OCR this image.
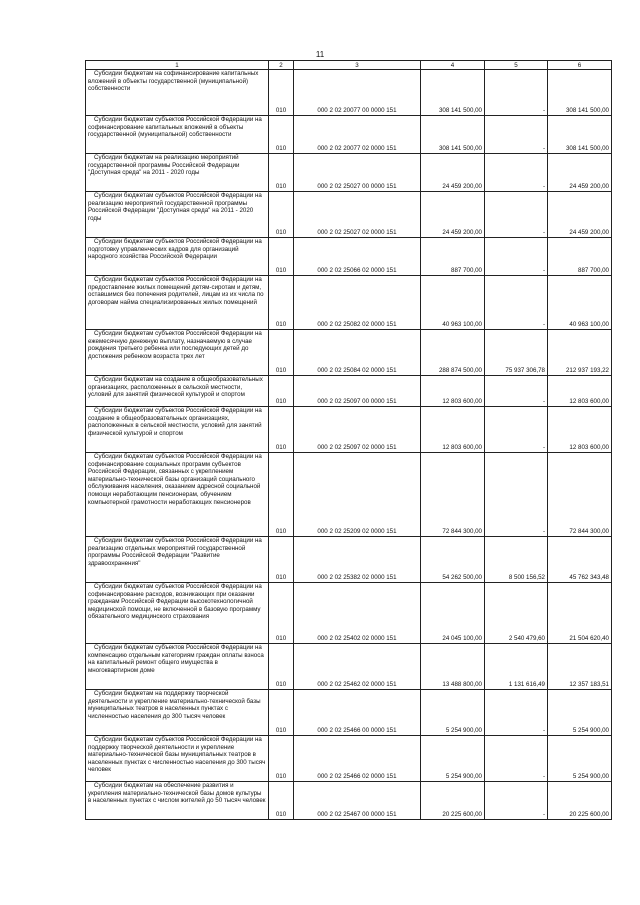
11
1	2	3	4	5	6
Субсидии бюджетам на софинансирование капитальных вложений в объекты государственной (муниципальной) собственности	010	000 2 02 20077 00 0000 151	308 141 500,00	-	308 141 500,00
Субсидии бюджетам субъектов Российской Федерации на софинансирование капитальных вложений в объекты государственной (муниципальной) собственности	010	000 2 02 20077 02 0000 151	308 141 500,00	-	308 141 500,00
Субсидии бюджетам на реализацию мероприятий государственной программы Российской Федерации "Доступная среда" на 2011 - 2020 годы	010	000 2 02 25027 00 0000 151	24 459 200,00	-	24 459 200,00
Субсидии бюджетам субъектов Российской Федерации на реализацию мероприятий государственной программы Российской Федерации "Доступная среда" на 2011 - 2020 годы	010	000 2 02 25027 02 0000 151	24 459 200,00	-	24 459 200,00
Субсидии бюджетам субъектов Российской Федерации на подготовку управленческих кадров для организаций народного хозяйства Российской Федерации	010	000 2 02 25066 02 0000 151	887 700,00	-	887 700,00
Субсидии бюджетам субъектов Российской Федерации на предоставление жилых помещений детям-сиротам и детям, оставшимся без попечения родителей, лицам из их числа по договорам найма специализированных жилых помещений	010	000 2 02 25082 02 0000 151	40 963 100,00	-	40 963 100,00
Субсидии бюджетам субъектов Российской Федерации на ежемесячную денежную выплату, назначаемую в случае рождения третьего ребенка или последующих детей до достижения ребенком возраста трех лет	010	000 2 02 25084 02 0000 151	288 874 500,00	75 937 306,78	212 937 193,22
Субсидии бюджетам на создание в общеобразовательных организациях, расположенных в сельской местности, условий для занятий физической культурой и спортом	010	000 2 02 25097 00 0000 151	12 803 600,00	-	12 803 600,00
Субсидии бюджетам субъектов Российской Федерации на создание в общеобразовательных организациях, расположенных в сельской местности, условий для занятий физической культурой и спортом	010	000 2 02 25097 02 0000 151	12 803 600,00	-	12 803 600,00
Субсидии бюджетам субъектов Российской Федерации на софинансирование социальных программ субъектов Российской Федерации, связанных с укреплением материально-технической базы организаций социального обслуживания населения, оказанием адресной социальной помощи неработающим пенсионерам, обучением компьютерной грамотности неработающих пенсионеров	010	000 2 02 25209 02 0000 151	72 844 300,00	-	72 844 300,00
Субсидии бюджетам субъектов Российской Федерации на реализацию отдельных мероприятий государственной программы Российской Федерации "Развитие здравоохранения"	010	000 2 02 25382 02 0000 151	54 262 500,00	8 500 156,52	45 762 343,48
Субсидии бюджетам субъектов Российской Федерации на софинансирование расходов, возникающих при оказании гражданам Российской Федерации высокотехнологичной медицинской помощи, не включенной в базовую программу обязательного медицинского страхования	010	000 2 02 25402 02 0000 151	24 045 100,00	2 540 479,60	21 504 620,40
Субсидии бюджетам субъектов Российской Федерации на компенсацию отдельным категориям граждан оплаты взноса на капитальный ремонт общего имущества в многоквартирном доме	010	000 2 02 25462 02 0000 151	13 488 800,00	1 131 616,49	12 357 183,51
Субсидии бюджетам на поддержку творческой деятельности и укрепление материально-технической базы муниципальных театров в населенных пунктах с численностью населения до 300 тысяч человек	010	000 2 02 25466 00 0000 151	5 254 900,00	-	5 254 900,00
Субсидии бюджетам субъектов Российской Федерации на поддержку творческой деятельности и укрепление материально-технической базы муниципальных театров в населенных пунктах с численностью населения до 300 тысяч человек	010	000 2 02 25466 02 0000 151	5 254 900,00	-	5 254 900,00
Субсидии бюджетам на обеспечение развития и укрепления материально-технической базы домов культуры в населенных пунктах с числом жителей до 50 тысяч человек	010	000 2 02 25467 00 0000 151	20 225 600,00	-	20 225 600,00
